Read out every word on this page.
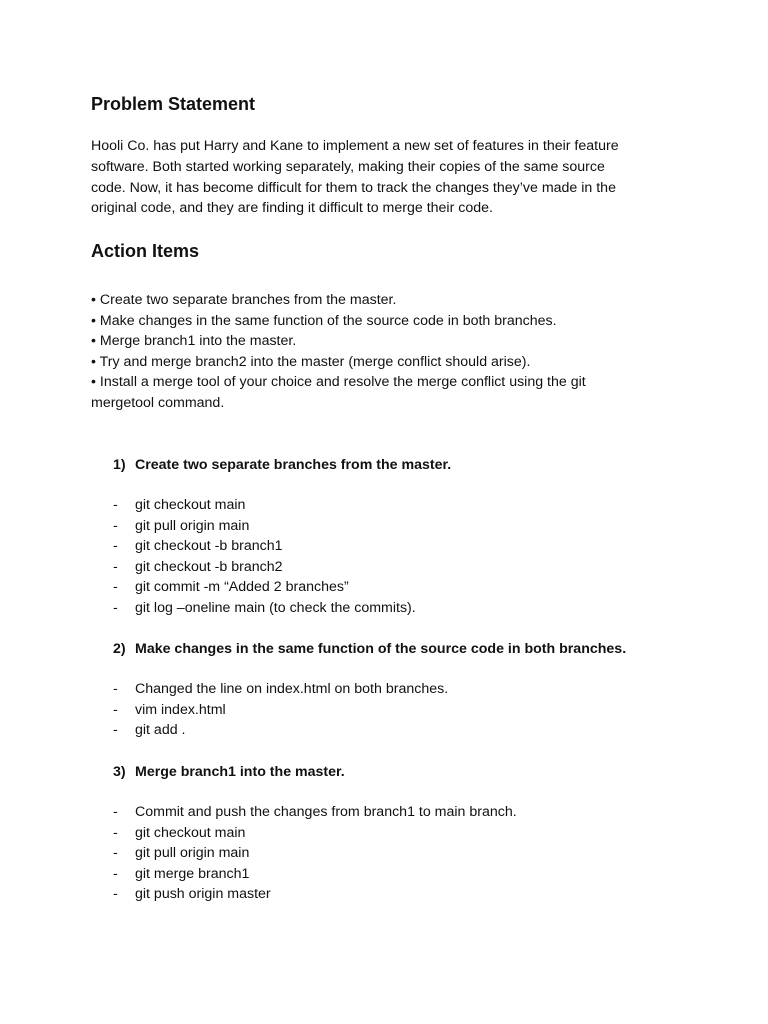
Problem Statement

Hooli Co. has put Harry and Kane to implement a new set of features in their feature
software. Both started working separately, making their copies of the same source
code. Now, it has become difficult for them to track the changes they’ve made in the
original code, and they are finding it difficult to merge their code.

Action Items
• Create two separate branches from the master.
• Make changes in the same function of the source code in both branches.
• Merge branch1 into the master.
• Try and merge branch2 into the master (merge conflict should arise).
• Install a merge tool of your choice and resolve the merge conflict using the git
mergetool command.

1) Create two separate branches from the master.

- git checkout main
- git pull origin main
- git checkout -b branch1
- git checkout -b branch2
- git commit -m “Added 2 branches”
- git log –oneline main (to check the commits).

2) Make changes in the same function of the source code in both branches.

- Changed the line on index.html on both branches.
- vim index.html
- git add .

3) Merge branch1 into the master.

- Commit and push the changes from branch1 to main branch.
- git checkout main
- git pull origin main
- git merge branch1
- git push origin master
